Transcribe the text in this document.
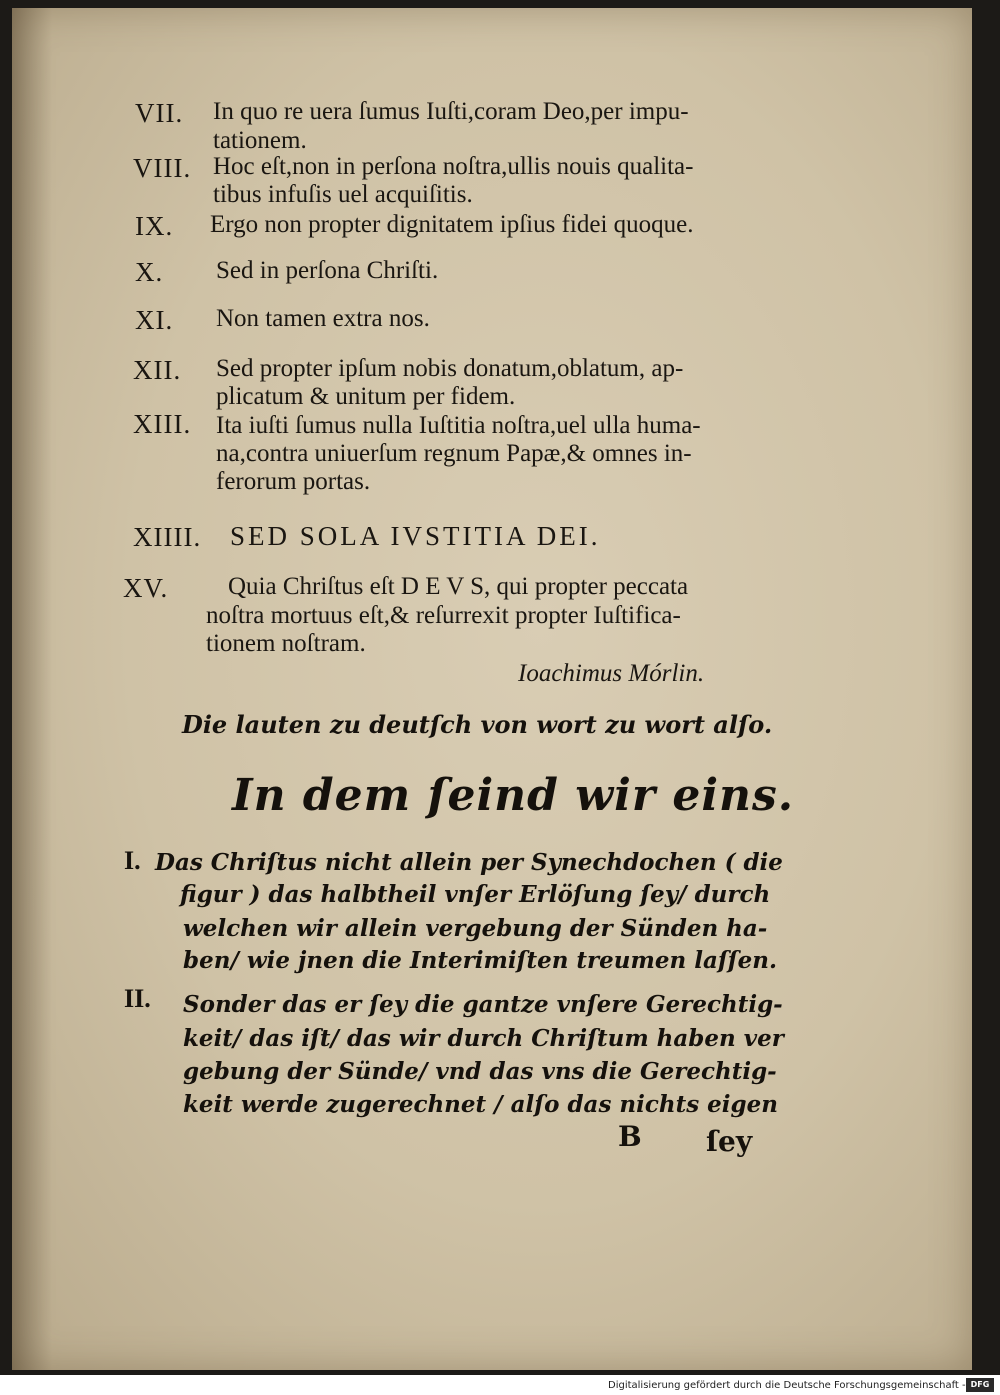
VII. In quo re uera ſumus Iuſti,coram Deo,per impu-
tationem.
VIII. Hoc eſt,non in perſona noſtra,ullis nouis qualita-
tibus infuſis uel acquiſitis.
IX. Ergo non propter dignitatem ipſius fidei quoque.
X. Sed in perſona Chriſti.
XI. Non tamen extra nos.
XII. Sed propter ipſum nobis donatum,oblatum, ap-
plicatum & unitum per fidem.
XIII. Ita iuſti ſumus nulla Iuſtitia noſtra,uel ulla huma-
na,contra uniuerſum regnum Papæ,& omnes in-
ferorum portas.
XIIII. SED SOLA IVSTITIA DEI.
XV. Quia Chriſtus eſt D E V S, qui propter peccata
noſtra mortuus eſt,& reſurrexit propter Iuſtifica-
tionem noſtram.
Ioachimus Mórlin.
Die lauten zu deutſch von wort zu wort alſo.
In dem ſeind wir eins.
I. Das Chriſtus nicht allein per Synechdochen ( die
figur ) das halbtheil vnſer Erlöſung ſey/ durch
welchen wir allein vergebung der Sünden ha-
ben/ wie jnen die Interimiſten treumen laſſen.
II. Sonder das er ſey die gantze vnſere Gerechtig-
keit/ das iſt/ das wir durch Chriſtum haben ver
gebung der Sünde/ vnd das vns die Gerechtig-
keit werde zugerechnet / alſo das nichts eigen
B ſey
Digitalisierung gefördert durch die Deutsche Forschungsgemeinschaft - DFG
